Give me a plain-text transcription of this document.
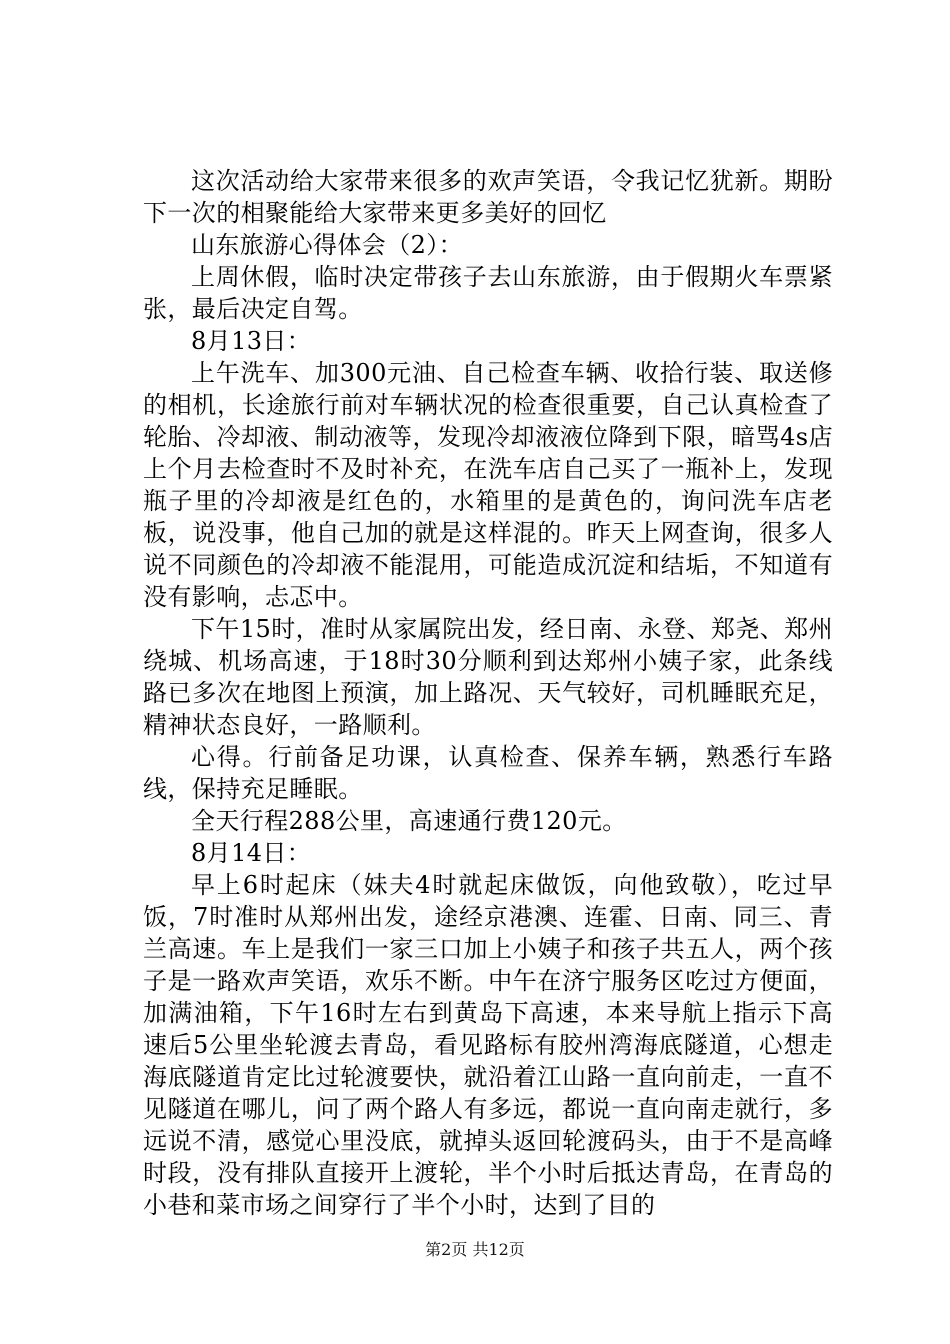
这次活动给大家带来很多的欢声笑语，令我记忆犹新。期盼下一次的相聚能给大家带来更多美好的回忆

山东旅游心得体会（2）：

上周休假，临时决定带孩子去山东旅游，由于假期火车票紧张，最后决定自驾。

8月13日：

上午洗车、加300元油、自己检查车辆、收拾行装、取送修的相机，长途旅行前对车辆状况的检查很重要，自己认真检查了轮胎、冷却液、制动液等，发现冷却液液位降到下限，暗骂4s店上个月去检查时不及时补充，在洗车店自己买了一瓶补上，发现瓶子里的冷却液是红色的，水箱里的是黄色的，询问洗车店老板，说没事，他自己加的就是这样混的。昨天上网查询，很多人说不同颜色的冷却液不能混用，可能造成沉淀和结垢，不知道有没有影响，忐忑中。

下午15时，准时从家属院出发，经日南、永登、郑尧、郑州绕城、机场高速，于18时30分顺利到达郑州小姨子家，此条线路已多次在地图上预演，加上路况、天气较好，司机睡眠充足，精神状态良好，一路顺利。

心得。行前备足功课，认真检查、保养车辆，熟悉行车路线，保持充足睡眠。

全天行程288公里，高速通行费120元。

8月14日：

早上6时起床（妹夫4时就起床做饭，向他致敬），吃过早饭，7时准时从郑州出发，途经京港澳、连霍、日南、同三、青兰高速。车上是我们一家三口加上小姨子和孩子共五人，两个孩子是一路欢声笑语，欢乐不断。中午在济宁服务区吃过方便面，加满油箱，下午16时左右到黄岛下高速，本来导航上指示下高速后5公里坐轮渡去青岛，看见路标有胶州湾海底隧道，心想走海底隧道肯定比过轮渡要快，就沿着江山路一直向前走，一直不见隧道在哪儿，问了两个路人有多远，都说一直向南走就行，多远说不清，感觉心里没底，就掉头返回轮渡码头，由于不是高峰时段，没有排队直接开上渡轮，半个小时后抵达青岛，在青岛的小巷和菜市场之间穿行了半个小时，达到了目的

第2页 共12页
